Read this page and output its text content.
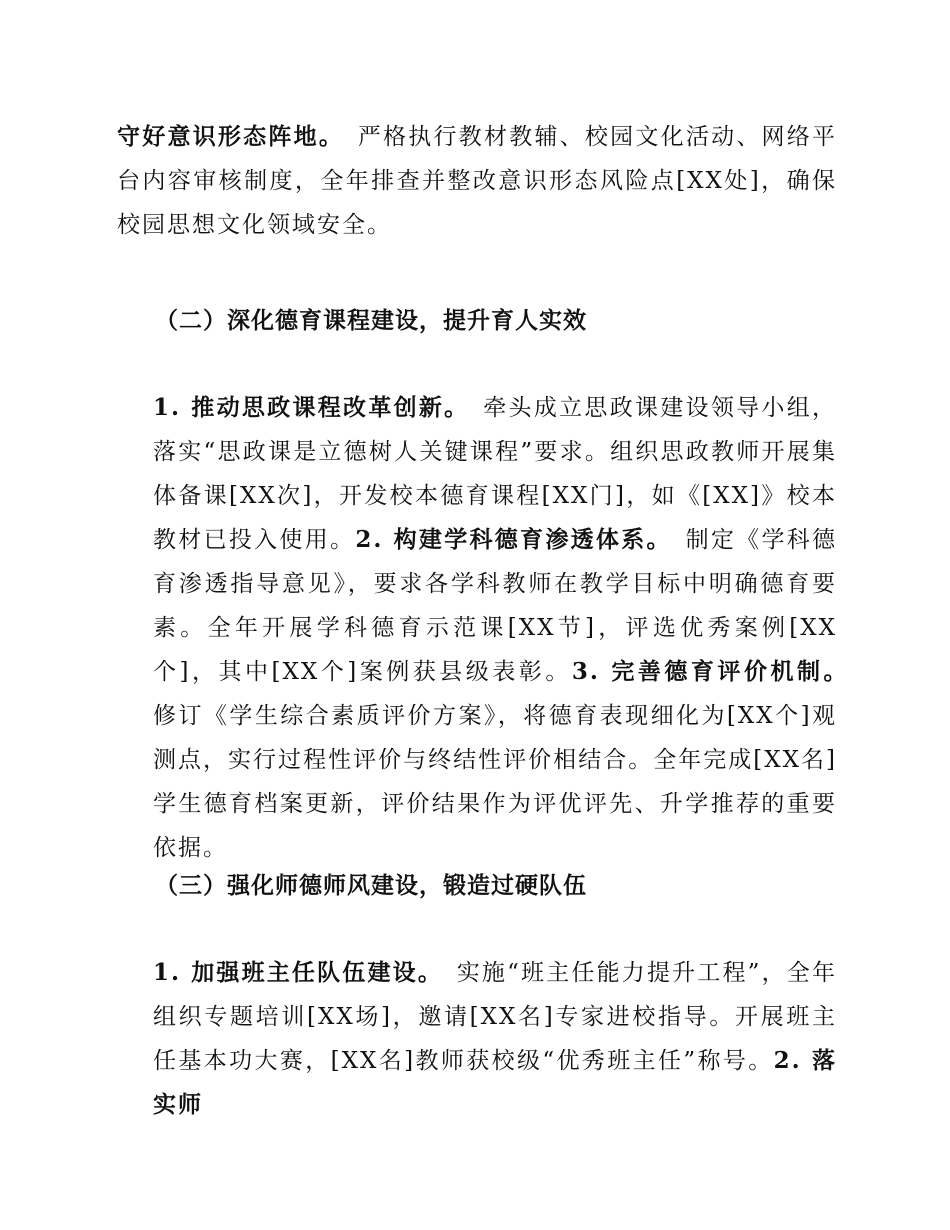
守好意识形态阵地。　 严格执行教材教辅、校园文化活动、网络平台内容审核制度，全年排查并整改意识形态风险点[XX处]，确保校园思想文化领域安全。

（二）深化德育课程建设，提升育人实效

1. 推动思政课程改革创新。　 牵头成立思政课建设领导小组，落实“思政课是立德树人关键课程”要求。组织思政教师开展集体备课[XX次]，开发校本德育课程[XX门]，如《[XX]》校本教材已投入使用。2. 构建学科德育渗透体系。　 制定《学科德育渗透指导意见》，要求各学科教师在教学目标中明确德育要素。全年开展学科德育示范课[XX节]，评选优秀案例[XX个]，其中[XX个]案例获县级表彰。3. 完善德育评价机制。　修订《学生综合素质评价方案》，将德育表现细化为[XX个]观测点，实行过程性评价与终结性评价相结合。全年完成[XX名]学生德育档案更新，评价结果作为评优评先、升学推荐的重要依据。

（三）强化师德师风建设，锻造过硬队伍

1. 加强班主任队伍建设。　 实施“班主任能力提升工程”，全年组织专题培训[XX场]，邀请[XX名]专家进校指导。开展班主任基本功大赛，[XX名]教师获校级“优秀班主任”称号。2. 落实师
